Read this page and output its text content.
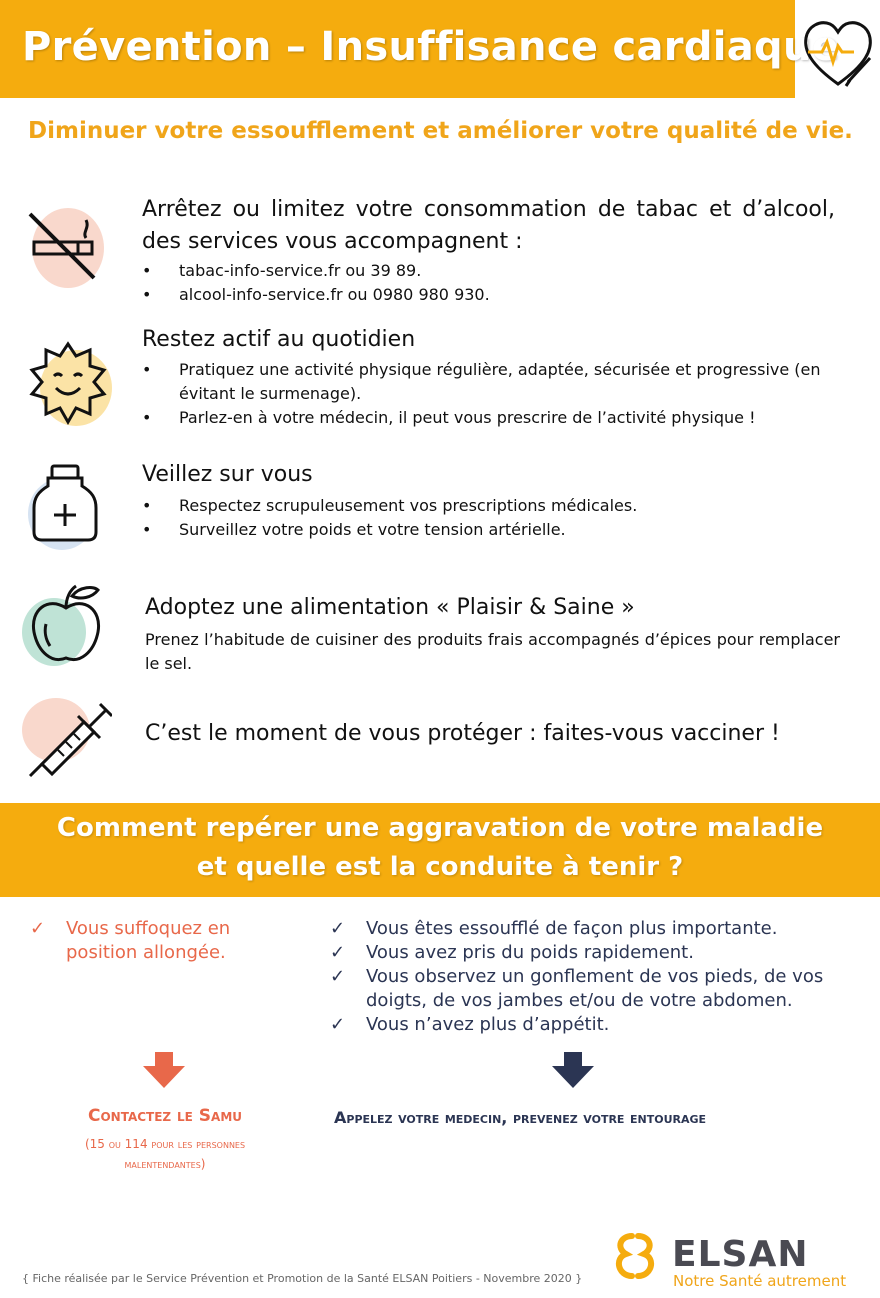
Prévention – Insuffisance cardiaque
Diminuer votre essoufflement et améliorer votre qualité de vie.
Arrêtez ou limitez votre consommation de tabac et d’alcool, des services vous accompagnent :
• tabac-info-service.fr ou 39 89.
• alcool-info-service.fr ou 0980 980 930.
Restez actif au quotidien
• Pratiquez une activité physique régulière, adaptée, sécurisée et progressive (en évitant le surmenage).
• Parlez-en à votre médecin, il peut vous prescrire de l’activité physique !
Veillez sur vous
• Respectez scrupuleusement vos prescriptions médicales.
• Surveillez votre poids et votre tension artérielle.
Adoptez une alimentation « Plaisir & Saine »
Prenez l’habitude de cuisiner des produits frais accompagnés d’épices pour remplacer le sel.
C’est le moment de vous protéger : faites-vous vacciner !
Comment repérer une aggravation de votre maladie
et quelle est la conduite à tenir ?
✓ Vous suffoquez en position allongée.
Contactez le Samu
(15 ou 114 pour les personnes malentendantes)
✓ Vous êtes essoufflé de façon plus importante.
✓ Vous avez pris du poids rapidement.
✓ Vous observez un gonflement de vos pieds, de vos doigts, de vos jambes et/ou de votre abdomen.
✓ Vous n’avez plus d’appétit.
Appelez votre medecin, prevenez votre entourage
{ Fiche réalisée par le Service Prévention et Promotion de la Santé ELSAN Poitiers - Novembre 2020 }
ELSAN
Notre Santé autrement
